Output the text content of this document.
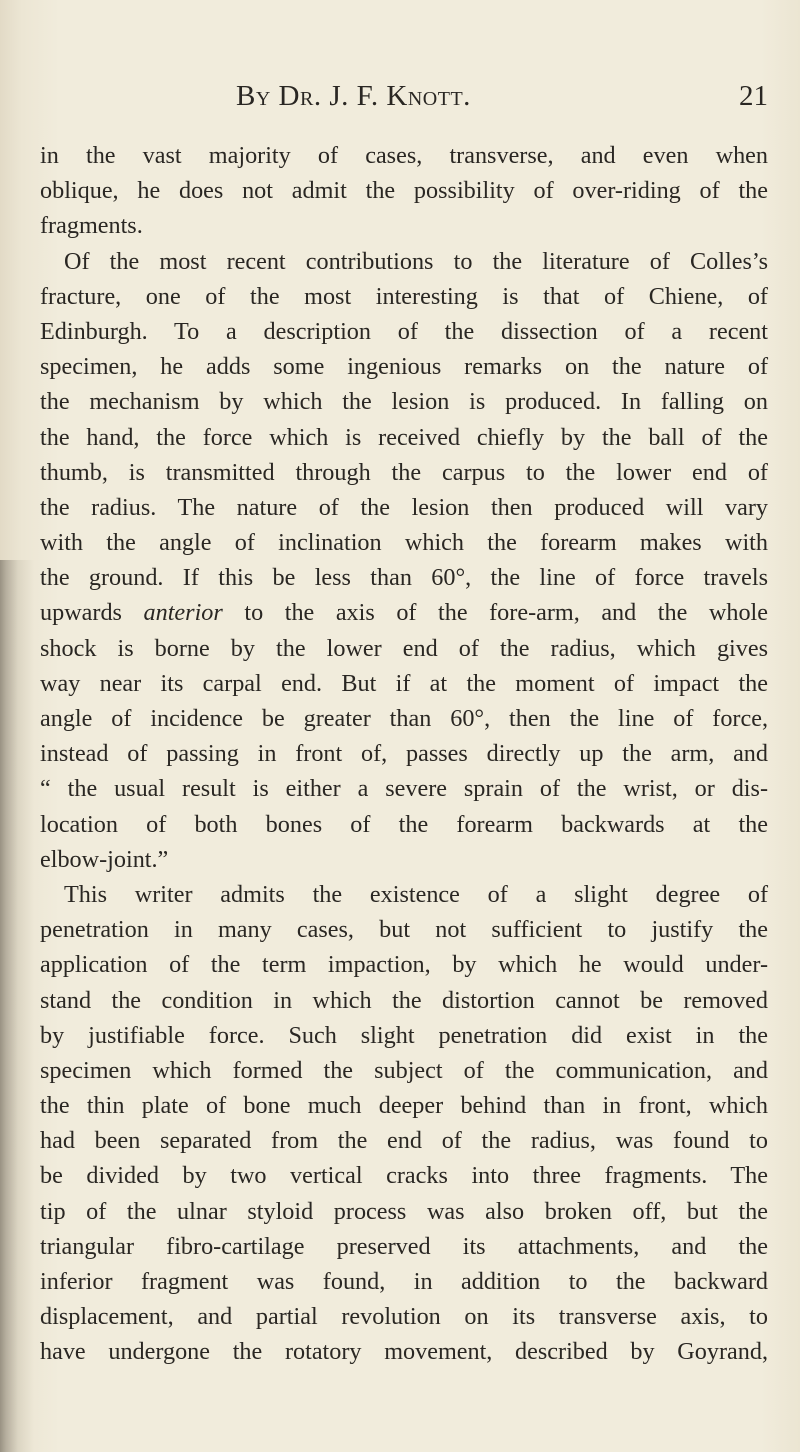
By Dr. J. F. Knott.	21
in the vast majority of cases, transverse, and even when
oblique, he does not admit the possibility of over-riding of the
fragments.
Of the most recent contributions to the literature of Colles’s
fracture, one of the most interesting is that of Chiene, of
Edinburgh. To a description of the dissection of a recent
specimen, he adds some ingenious remarks on the nature of
the mechanism by which the lesion is produced. In falling on
the hand, the force which is received chiefly by the ball of the
thumb, is transmitted through the carpus to the lower end of
the radius. The nature of the lesion then produced will vary
with the angle of inclination which the forearm makes with
the ground. If this be less than 60°, the line of force travels
upwards anterior to the axis of the fore-arm, and the whole
shock is borne by the lower end of the radius, which gives
way near its carpal end. But if at the moment of impact the
angle of incidence be greater than 60°, then the line of force,
instead of passing in front of, passes directly up the arm, and
“ the usual result is either a severe sprain of the wrist, or dis-
location of both bones of the forearm backwards at the
elbow-joint.”
This writer admits the existence of a slight degree of
penetration in many cases, but not sufficient to justify the
application of the term impaction, by which he would under-
stand the condition in which the distortion cannot be removed
by justifiable force. Such slight penetration did exist in the
specimen which formed the subject of the communication, and
the thin plate of bone much deeper behind than in front, which
had been separated from the end of the radius, was found to
be divided by two vertical cracks into three fragments. The
tip of the ulnar styloid process was also broken off, but the
triangular fibro-cartilage preserved its attachments, and the
inferior fragment was found, in addition to the backward
displacement, and partial revolution on its transverse axis, to
have undergone the rotatory movement, described by Goyrand,
